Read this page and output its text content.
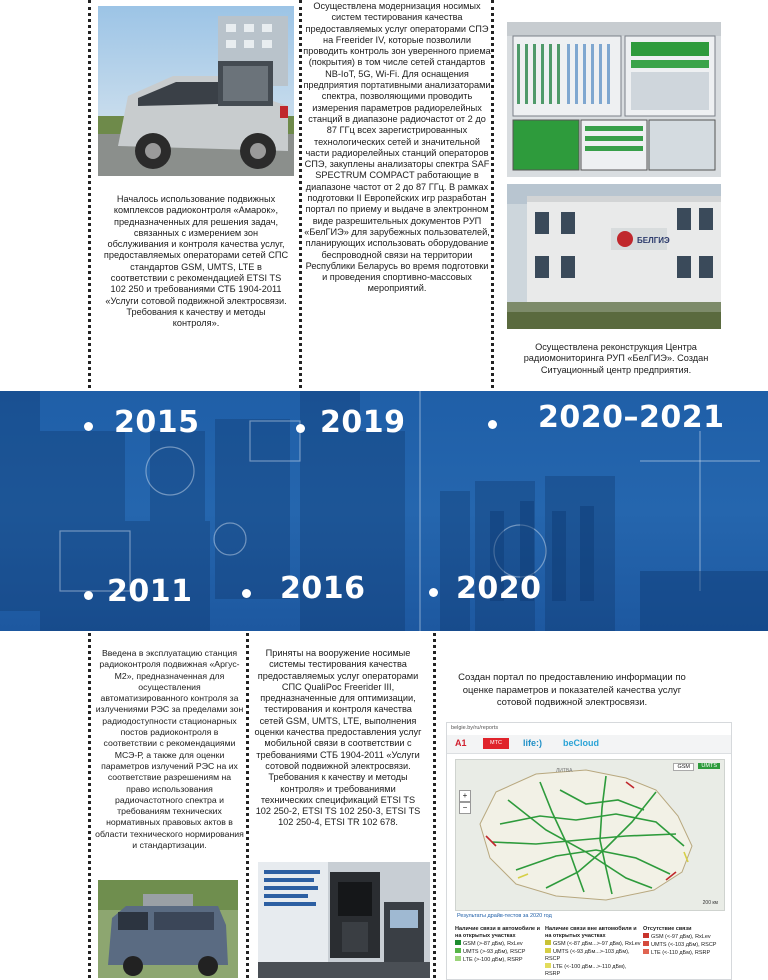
Началось использование подвижных комплексов радиоконтроля «Амарок», предназначенных для решения задач, связанных с измерением зон обслуживания и контроля качества услуг, предоставляемых операторами сетей СПС стандартов GSM, UMTS, LTE в соответствии с рекомендацией ETSI TS 102 250 и требованиями СТБ 1904-2011 «Услуги сотовой подвижной электросвязи. Требования к качеству и методы контроля».
Осуществлена модернизация носимых систем тестирования качества предоставляемых услуг операторами СПЭ на Freerider IV, которые позволили проводить контроль зон уверенного приема (покрытия) в том числе сетей стандартов NB-IoT, 5G, Wi-Fi. Для оснащения предприятия портативными анализаторами спектра, позволяющими проводить измерения параметров радиорелейных станций в диапазоне радиочастот от 2 до 87 ГГц всех зарегистрированных технологических сетей и значительной части радиорелейных станций операторов СПЭ, закуплены анализаторы спектра SAF SPECTRUM COMPACT работающие в диапазоне частот от 2 до 87 ГГц. В рамках подготовки II Европейских игр разработан портал по приему и выдаче в электронном виде разрешительных документов РУП «БелГИЭ» для зарубежных пользователей, планирующих использовать оборудование беспроводной связи на территории Республики Беларусь во время подготовки и проведения спортивно-массовых мероприятий.
БЕЛГИЭ
Осуществлена реконструкция Центра радиомониторинга РУП «БелГИЭ». Создан Ситуационный центр предприятия.
2015	2019	2020–2021
2011	2016	2020
Введена в эксплуатацию станция радиоконтроля подвижная «Аргус-М2», предназначенная для осуществления автоматизированного контроля за излучениями РЭС за пределами зон радиодоступности стационарных постов радиоконтроля в соответствии с рекомендациями МСЭ-Р, а также для оценки параметров излучений РЭС на их соответствие разрешениям на право использования радиочастотного спектра и требованиям технических нормативных правовых актов в области технического нормирования и стандартизации.
Приняты на вооружение носимые системы тестирования качества предоставляемых услуг операторами СПС QualiPoc Freerider III, предназначенные для оптимизации, тестирования и контроля качества сетей GSM, UMTS, LTE, выполнения оценки качества предоставления услуг мобильной связи в соответствии с требованиями СТБ 1904-2011 «Услуги сотовой подвижной электросвязи. Требования к качеству и методы контроля» и требованиями технических спецификаций ETSI TS 102 250-2, ETSI TS 102 250-3, ETSI TS 102 250-4, ETSI TR 102 678.
Создан портал по предоставлению информации по оценке параметров и показателей качества услуг сотовой подвижной электросвязи.
belgie.by/ru/reports
A1	МТС	life:) beCloud
ЛИТВА
GSM	UMTS
+
−
200 км
Результаты драйв-тестов за 2020 год
Наличие связи в автомобиле и на открытых участках
GSM (>-87 дБм), RxLev
UMTS (>-93 дБм), RSCP
LTE (>-100 дБм), RSRP
Наличие связи вне автомобиля и на открытых участках
GSM (<-87 дБм...>-97 дБм), RxLev
UMTS (<-93 дБм...>-103 дБм), RSCP
LTE (<-100 дБм...>-110 дБм), RSRP
Отсутствие связи
GSM (<-97 дБм), RxLev
UMTS (<-103 дБм), RSCP
LTE (<-110 дБм), RSRP
